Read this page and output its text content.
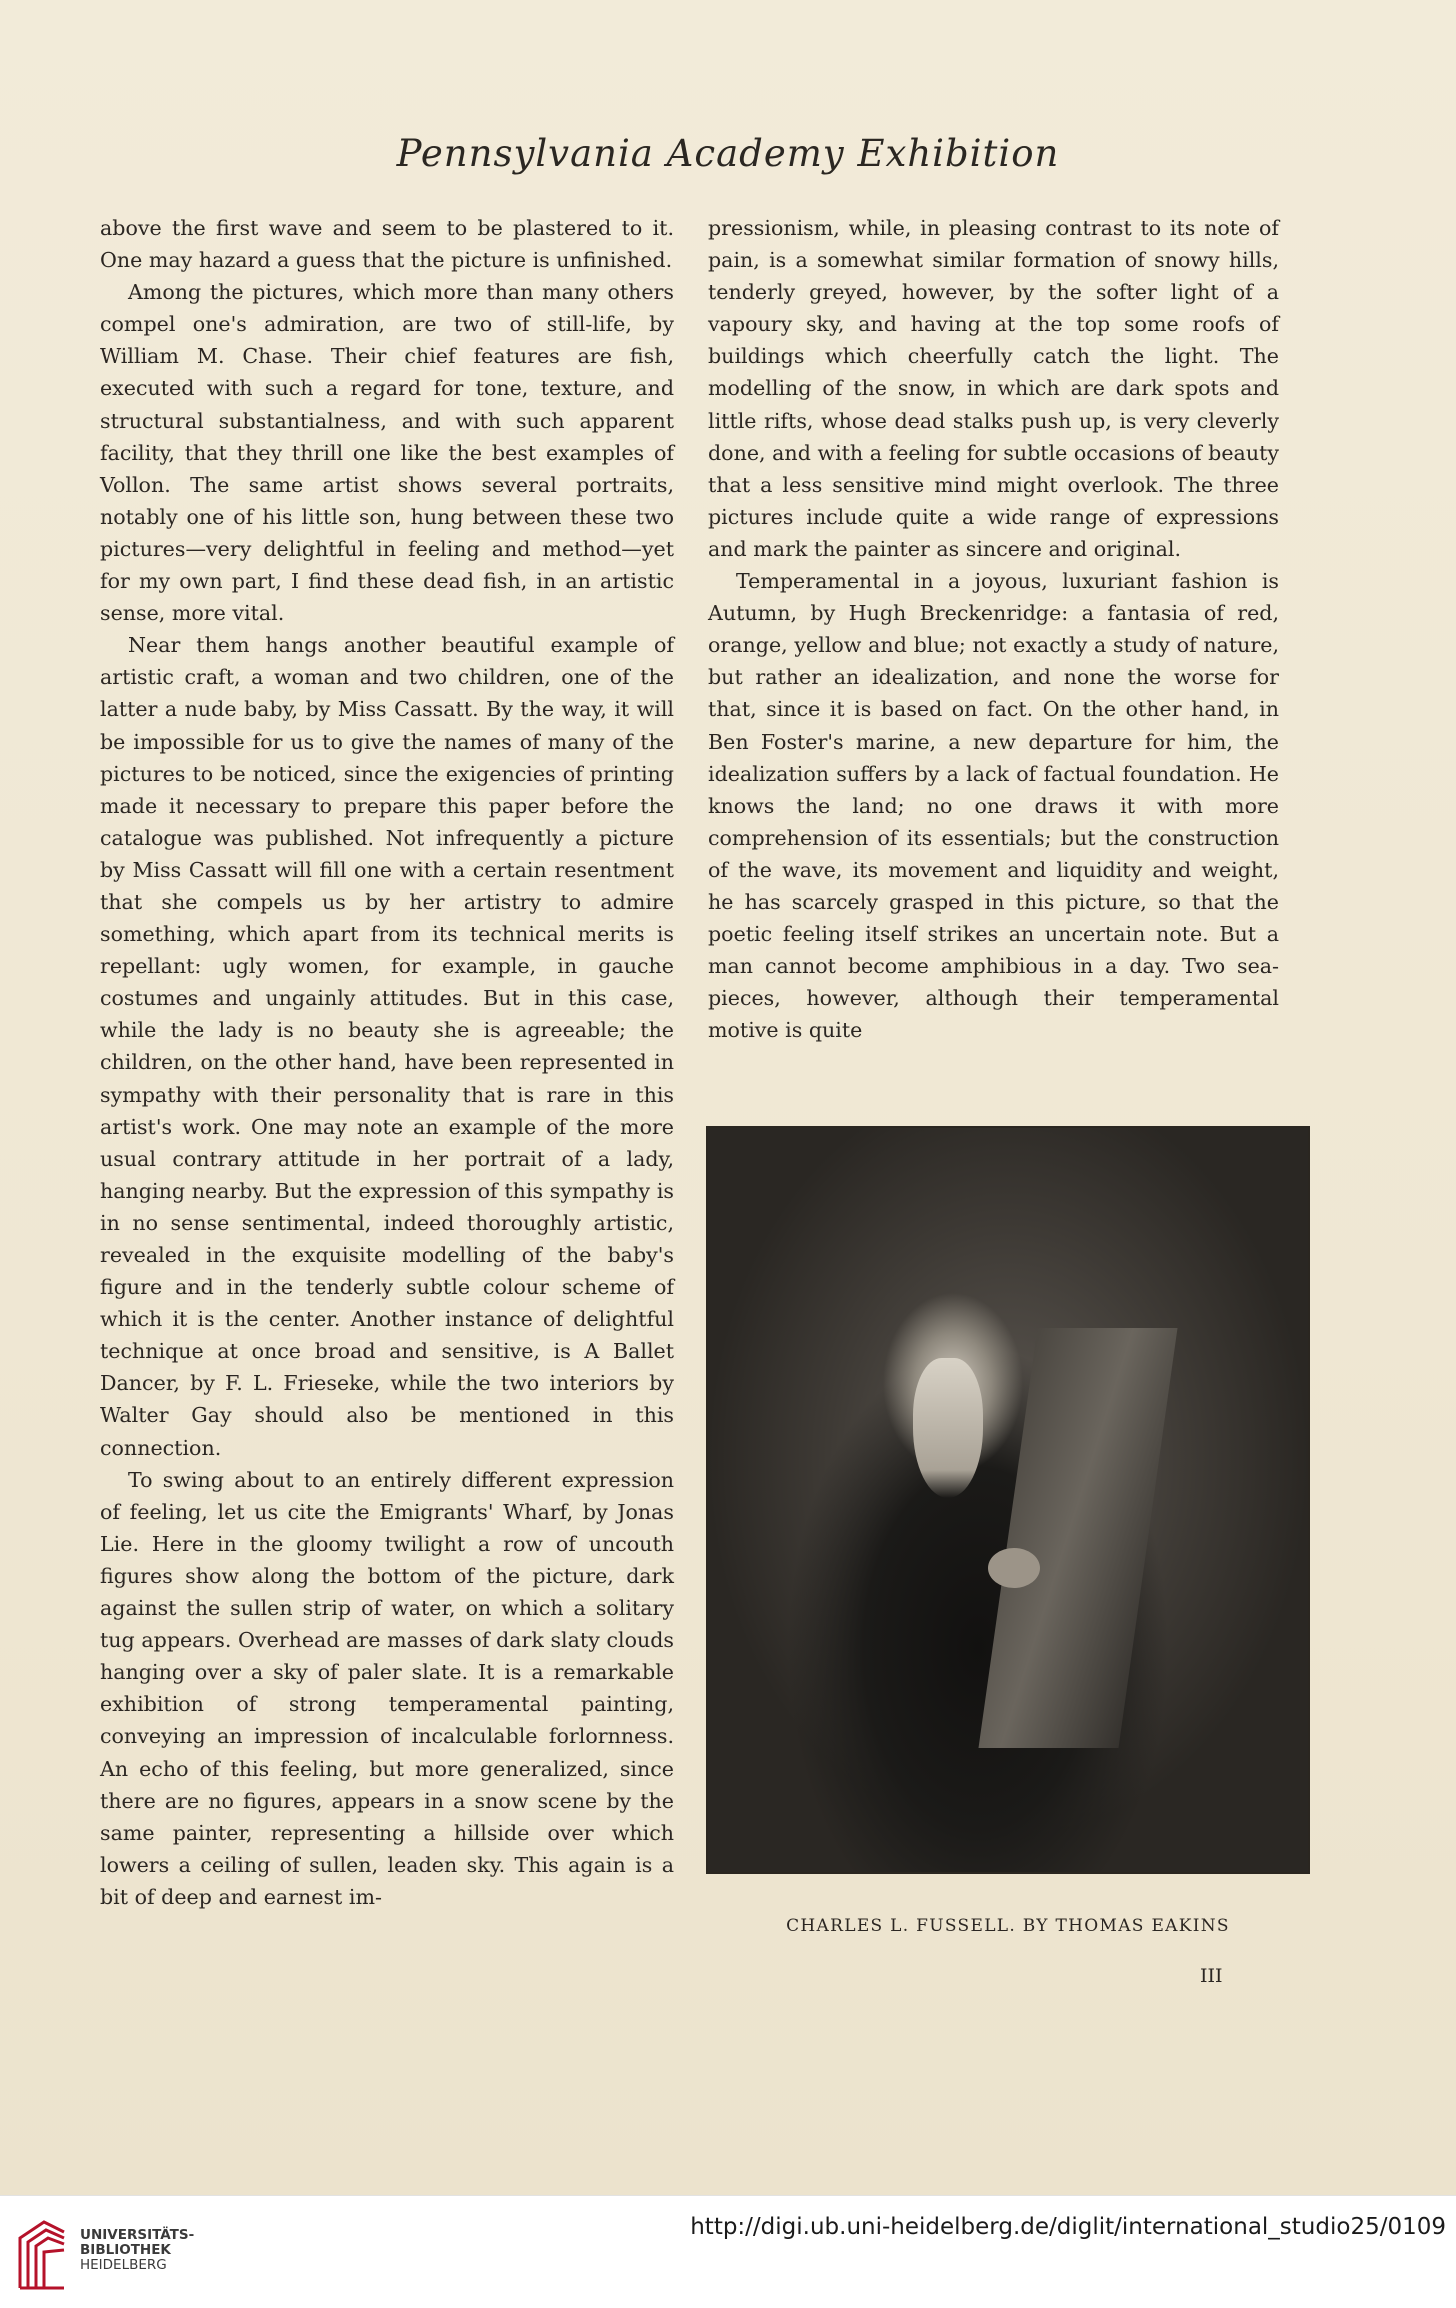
Pennsylvania Academy Exhibition

above the first wave and seem to be plastered to it. One may hazard a guess that the picture is unfinished.

Among the pictures, which more than many others compel one's admiration, are two of still-life, by William M. Chase. Their chief features are fish, executed with such a regard for tone, texture, and structural substantialness, and with such apparent facility, that they thrill one like the best examples of Vollon. The same artist shows several portraits, notably one of his little son, hung between these two pictures—very delightful in feeling and method—yet for my own part, I find these dead fish, in an artistic sense, more vital.

Near them hangs another beautiful example of artistic craft, a woman and two children, one of the latter a nude baby, by Miss Cassatt. By the way, it will be impossible for us to give the names of many of the pictures to be noticed, since the exigencies of printing made it necessary to prepare this paper before the catalogue was published. Not infrequently a picture by Miss Cassatt will fill one with a certain resentment that she compels us by her artistry to admire something, which apart from its technical merits is repellant: ugly women, for example, in gauche costumes and ungainly attitudes. But in this case, while the lady is no beauty she is agreeable; the children, on the other hand, have been represented in sympathy with their personality that is rare in this artist's work. One may note an example of the more usual contrary attitude in her portrait of a lady, hanging nearby. But the expression of this sympathy is in no sense sentimental, indeed thoroughly artistic, revealed in the exquisite modelling of the baby's figure and in the tenderly subtle colour scheme of which it is the center. Another instance of delightful technique at once broad and sensitive, is A Ballet Dancer, by F. L. Frieseke, while the two interiors by Walter Gay should also be mentioned in this connection.

To swing about to an entirely different expression of feeling, let us cite the Emigrants' Wharf, by Jonas Lie. Here in the gloomy twilight a row of uncouth figures show along the bottom of the picture, dark against the sullen strip of water, on which a solitary tug appears. Overhead are masses of dark slaty clouds hanging over a sky of paler slate. It is a remarkable exhibition of strong temperamental painting, conveying an impression of incalculable forlornness. An echo of this feeling, but more generalized, since there are no figures, appears in a snow scene by the same painter, representing a hillside over which lowers a ceiling of sullen, leaden sky. This again is a bit of deep and earnest im-

pressionism, while, in pleasing contrast to its note of pain, is a somewhat similar formation of snowy hills, tenderly greyed, however, by the softer light of a vapoury sky, and having at the top some roofs of buildings which cheerfully catch the light. The modelling of the snow, in which are dark spots and little rifts, whose dead stalks push up, is very cleverly done, and with a feeling for subtle occasions of beauty that a less sensitive mind might overlook. The three pictures include quite a wide range of expressions and mark the painter as sincere and original.

Temperamental in a joyous, luxuriant fashion is Autumn, by Hugh Breckenridge: a fantasia of red, orange, yellow and blue; not exactly a study of nature, but rather an idealization, and none the worse for that, since it is based on fact. On the other hand, in Ben Foster's marine, a new departure for him, the idealization suffers by a lack of factual foundation. He knows the land; no one draws it with more comprehension of its essentials; but the construction of the wave, its movement and liquidity and weight, he has scarcely grasped in this picture, so that the poetic feeling itself strikes an uncertain note. But a man cannot become amphibious in a day. Two sea-pieces, however, although their temperamental motive is quite

CHARLES L. FUSSELL. BY THOMAS EAKINS
III
UNIVERSITÄTS-
BIBLIOTHEK
HEIDELBERG
http://digi.ub.uni-heidelberg.de/diglit/international_studio25/0109
